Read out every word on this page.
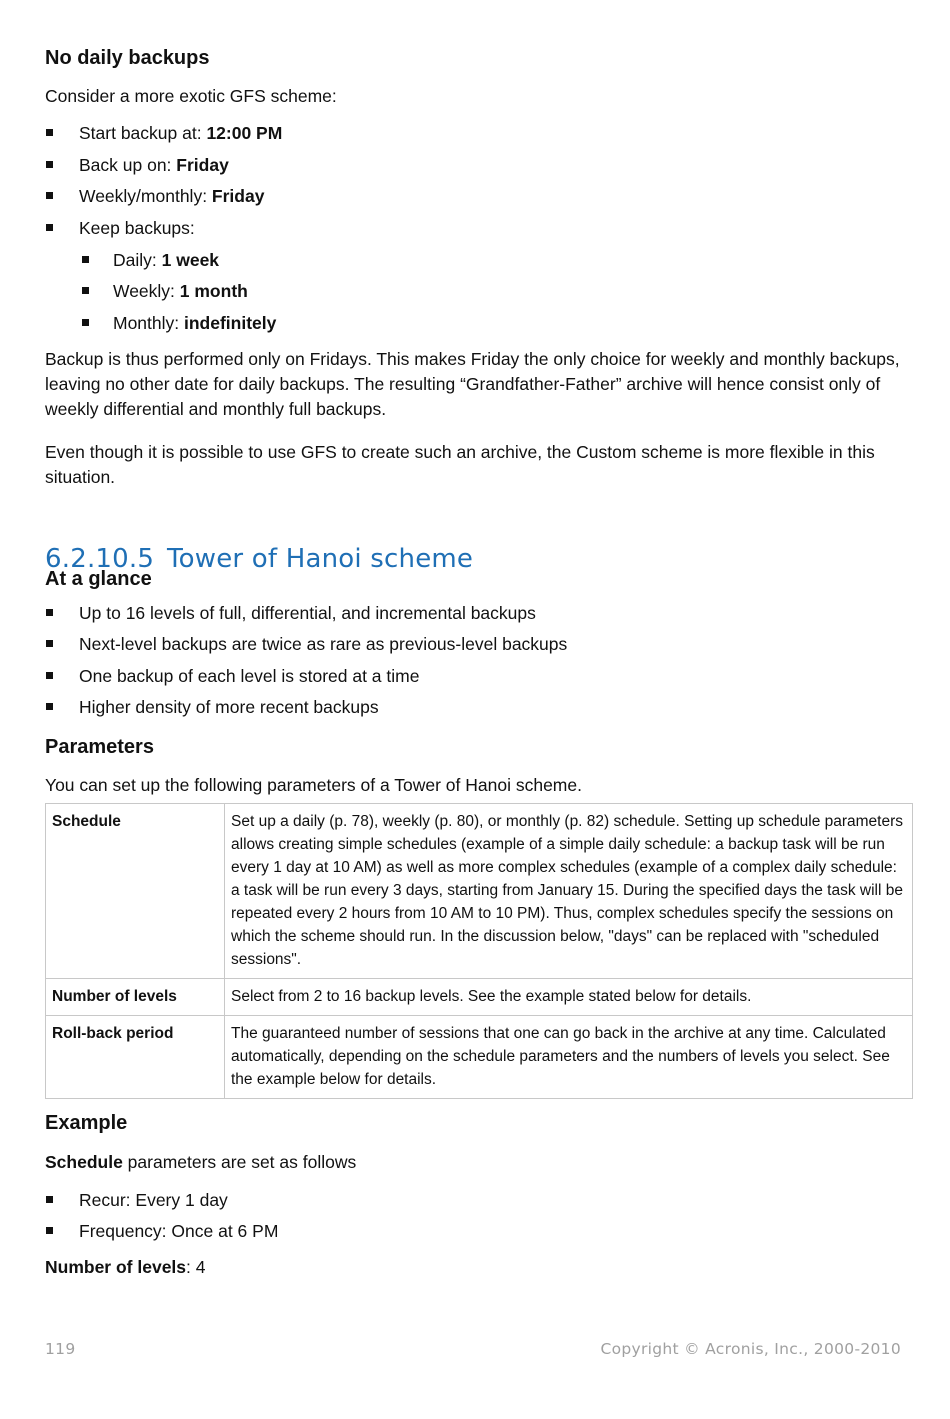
No daily backups

Consider a more exotic GFS scheme:

Start backup at: 12:00 PM
Back up on: Friday
Weekly/monthly: Friday
Keep backups:
Daily: 1 week
Weekly: 1 month
Monthly: indefinitely

Backup is thus performed only on Fridays. This makes Friday the only choice for weekly and monthly backups, leaving no other date for daily backups. The resulting “Grandfather-Father” archive will hence consist only of weekly differential and monthly full backups.

Even though it is possible to use GFS to create such an archive, the Custom scheme is more flexible in this situation.

6.2.10.5 Tower of Hanoi scheme
At a glance
Up to 16 levels of full, differential, and incremental backups
Next-level backups are twice as rare as previous-level backups
One backup of each level is stored at a time
Higher density of more recent backups
Parameters

You can set up the following parameters of a Tower of Hanoi scheme.

Schedule	Set up a daily (p. 78), weekly (p. 80), or monthly (p. 82) schedule. Setting up schedule parameters allows creating simple schedules (example of a simple daily schedule: a backup task will be run every 1 day at 10 AM) as well as more complex schedules (example of a complex daily schedule: a task will be run every 3 days, starting from January 15. During the specified days the task will be repeated every 2 hours from 10 AM to 10 PM). Thus, complex schedules specify the sessions on which the scheme should run. In the discussion below, "days" can be replaced with "scheduled sessions".
Number of levels	Select from 2 to 16 backup levels. See the example stated below for details.
Roll-back period	The guaranteed number of sessions that one can go back in the archive at any time. Calculated automatically, depending on the schedule parameters and the numbers of levels you select. See the example below for details.
Example

Schedule parameters are set as follows

Recur: Every 1 day
Frequency: Once at 6 PM

Number of levels: 4

119	Copyright © Acronis, Inc., 2000-2010
